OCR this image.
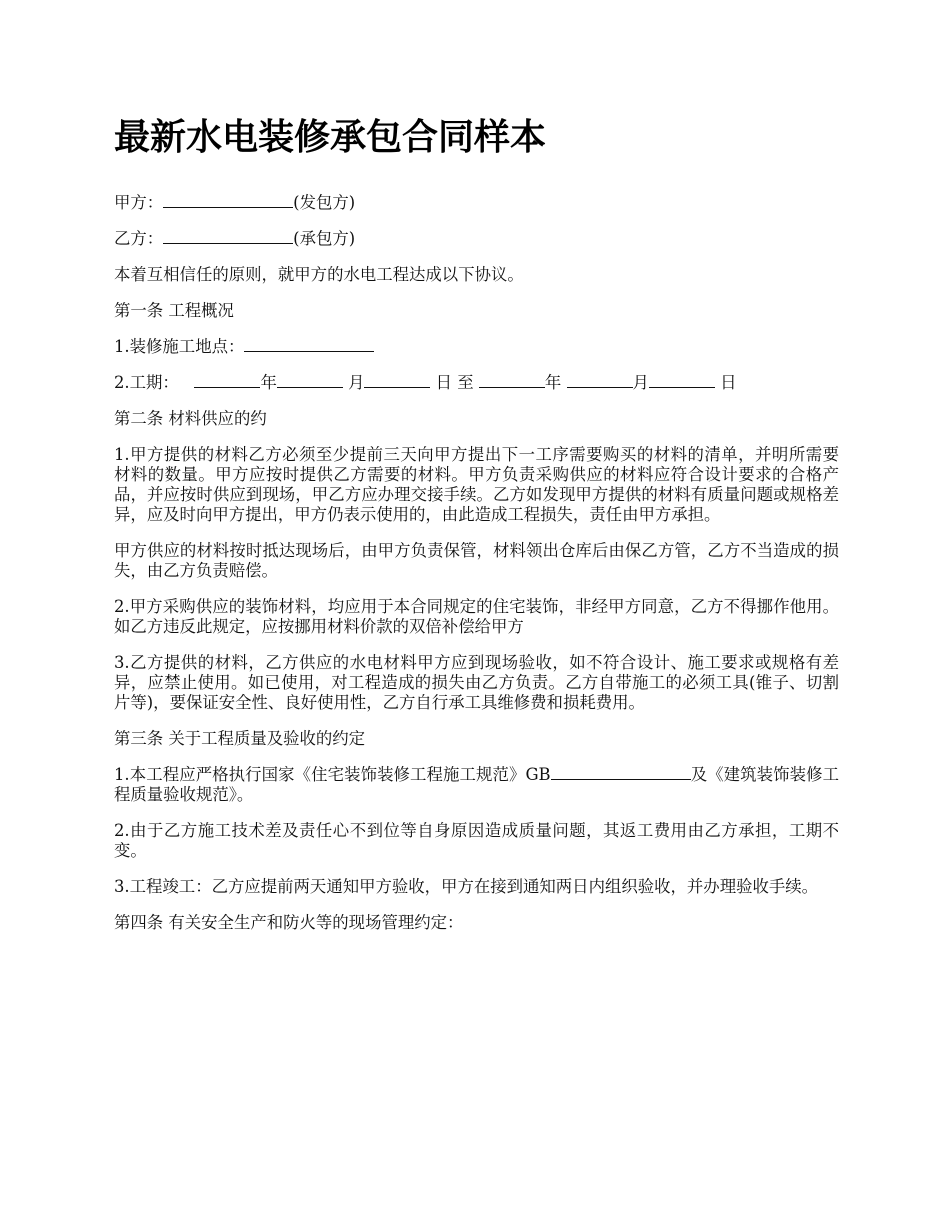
最新水电装修承包合同样本

甲方：	(发包方)

乙方：	(承包方)

本着互相信任的原则，就甲方的水电工程达成以下协议。

第一条 工程概况

1.装修施工地点：

2.工期：	年	月	日 至	年	月	日

第二条 材料供应的约

1.甲方提供的材料乙方必须至少提前三天向甲方提出下一工序需要购买的材料的清单，并明所需要 材料的数量。甲方应按时提供乙方需要的材料。甲方负责采购供应的材料应符合设计要求的合格产品，并应按时供应到现场，甲乙方应办理交接手续。乙方如发现甲方提供的材料有质量问题或规格差异，应及时向甲方提出，甲方仍表示使用的，由此造成工程损失，责任由甲方承担。

甲方供应的材料按时抵达现场后，由甲方负责保管，材料领出仓库后由保乙方管，乙方不当造成的损失，由乙方负责赔偿。

2.甲方采购供应的装饰材料，均应用于本合同规定的住宅装饰，非经甲方同意，乙方不得挪作他用。如乙方违反此规定，应按挪用材料价款的双倍补偿给甲方

3.乙方提供的材料，乙方供应的水电材料甲方应到现场验收，如不符合设计、施工要求或规格有差异，应禁止使用。如已使用，对工程造成的损失由乙方负责。乙方自带施工的必须工具(锥子、切割片等)，要保证安全性、良好使用性，乙方自行承工具维修费和损耗费用。

第三条 关于工程质量及验收的约定

1.本工程应严格执行国家《住宅装饰装修工程施工规范》GB	及《建筑装饰装修工程质量验收规范》。

2.由于乙方施工技术差及责任心不到位等自身原因造成质量问题，其返工费用由乙方承担，工期不变。

3.工程竣工：乙方应提前两天通知甲方验收，甲方在接到通知两日内组织验收，并办理验收手续。

第四条 有关安全生产和防火等的现场管理约定：
